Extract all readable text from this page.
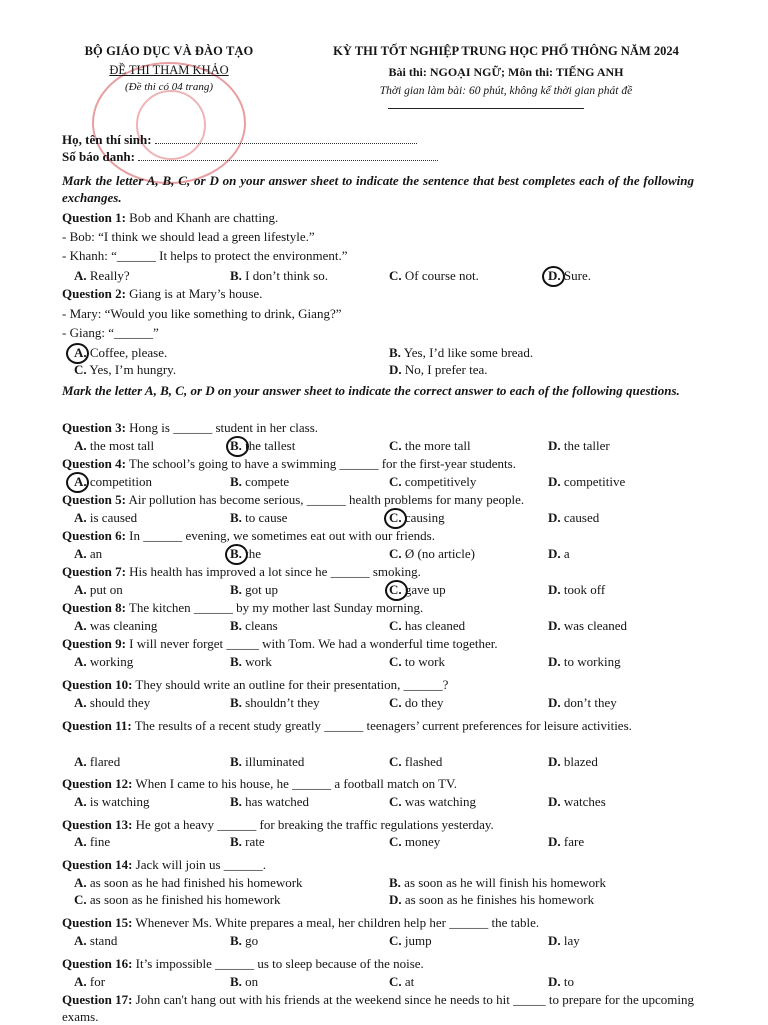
BỘ GIÁO DỤC VÀ ĐÀO TẠO
ĐỀ THI THAM KHẢO
(Đề thi có 04 trang)
KỲ THI TỐT NGHIỆP TRUNG HỌC PHỔ THÔNG NĂM 2024
Bài thi: NGOẠI NGỮ; Môn thi: TIẾNG ANH
Thời gian làm bài: 60 phút, không kể thời gian phát đề
Họ, tên thí sinh:
Số báo danh:
Mark the letter A, B, C, or D on your answer sheet to indicate the sentence that best completes each of the following exchanges.
Question 1: Bob and Khanh are chatting.
- Bob: “I think we should lead a green lifestyle.”
- Khanh: “______ It helps to protect the environment.”
A. Really?	B. I don’t think so.	C. Of course not.	D. Sure.
Question 2: Giang is at Mary’s house.
- Mary: “Would you like something to drink, Giang?”
- Giang: “______”
A. Coffee, please.	B. Yes, I’d like some bread.
C. Yes, I’m hungry.	D. No, I prefer tea.
Mark the letter A, B, C, or D on your answer sheet to indicate the correct answer to each of the following questions.
Question 3: Hong is ______ student in her class.
A. the most tall	B. the tallest	C. the more tall	D. the taller
Question 4: The school’s going to have a swimming ______ for the first-year students.
A. competition	B. compete	C. competitively	D. competitive
Question 5: Air pollution has become serious, ______ health problems for many people.
A. is caused	B. to cause	C. causing	D. caused
Question 6: In ______ evening, we sometimes eat out with our friends.
A. an	B. the	C. Ø (no article)	D. a
Question 7: His health has improved a lot since he ______ smoking.
A. put on	B. got up	C. gave up	D. took off
Question 8: The kitchen ______ by my mother last Sunday morning.
A. was cleaning	B. cleans	C. has cleaned	D. was cleaned
Question 9: I will never forget _____ with Tom. We had a wonderful time together.
A. working	B. work	C. to work	D. to working
Question 10: They should write an outline for their presentation, ______?
A. should they	B. shouldn’t they	C. do they	D. don’t they
Question 11: The results of a recent study greatly ______ teenagers’ current preferences for leisure activities.
A. flared	B. illuminated	C. flashed	D. blazed
Question 12: When I came to his house, he ______ a football match on TV.
A. is watching	B. has watched	C. was watching	D. watches
Question 13: He got a heavy ______ for breaking the traffic regulations yesterday.
A. fine	B. rate	C. money	D. fare
Question 14: Jack will join us ______.
A. as soon as he had finished his homework	B. as soon as he will finish his homework
C. as soon as he finished his homework	D. as soon as he finishes his homework
Question 15: Whenever Ms. White prepares a meal, her children help her ______ the table.
A. stand	B. go	C. jump	D. lay
Question 16: It’s impossible ______ us to sleep because of the noise.
A. for	B. on	C. at	D. to
Question 17: John can't hang out with his friends at the weekend since he needs to hit _____ to prepare for the upcoming exams.
